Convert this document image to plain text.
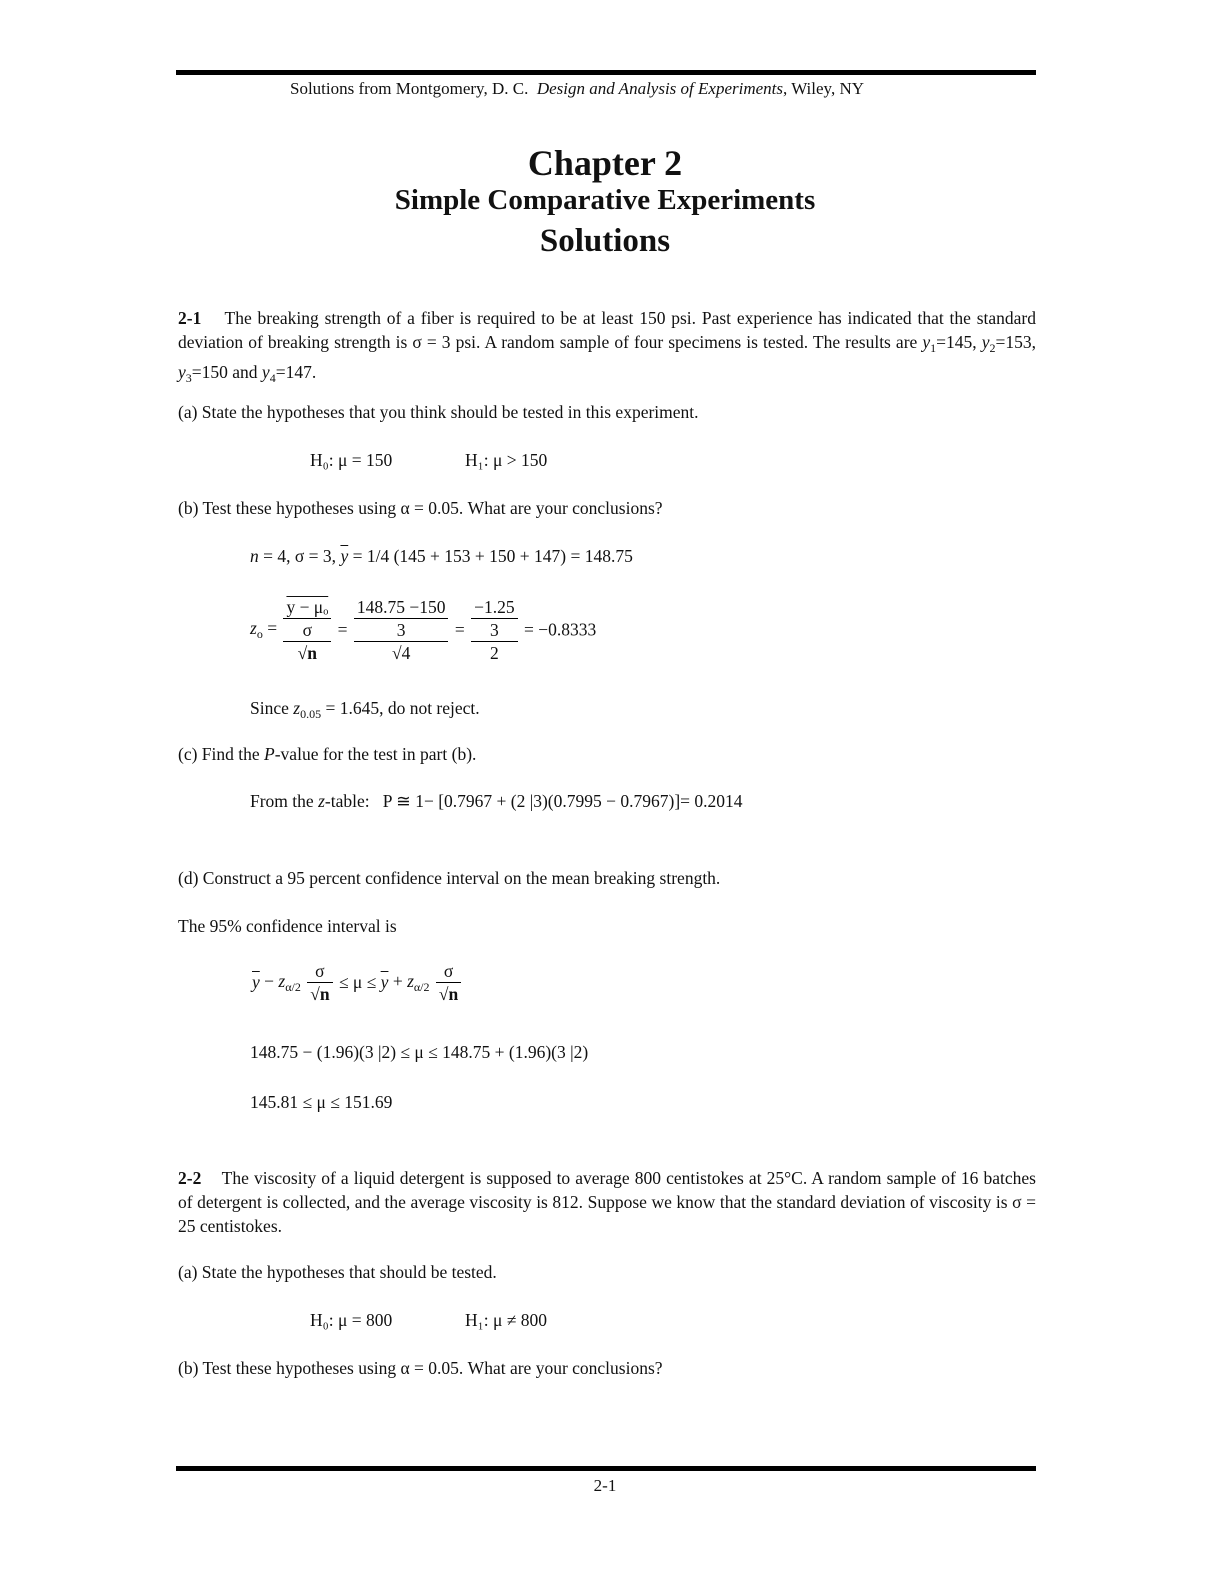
Solutions from Montgomery, D. C. Design and Analysis of Experiments, Wiley, NY
Chapter 2
Simple Comparative Experiments
Solutions
2-1 The breaking strength of a fiber is required to be at least 150 psi. Past experience has indicated that the standard deviation of breaking strength is σ = 3 psi. A random sample of four specimens is tested. The results are $y_1=145$, $y_2=153$, $y_3=150$ and $y_4=147$.
(a) State the hypotheses that you think should be tested in this experiment.
H₀: μ = 150	H₁: μ > 150
(b) Test these hypotheses using α = 0.05. What are your conclusions?
n = 4, σ = 3, $\overline{y} = 1/4$ (145 + 153 + 150 + 147) = 148.75
$z_o$ =
y − μₒ
σ
√n
=
148.75 −150
3
√4
=
−1.25
3
2
= −0.8333
Since $z_{0.05} = 1.645$, do not reject.
(c) Find the P-value for the test in part (b).
From the z-table: P ≅ 1− [0.7967 + (2 |3)(0.7995 − 0.7967)]= 0.2014
(d) Construct a 95 percent confidence interval on the mean breaking strength.
The 95% confidence interval is
$\overline{y} - z_{\alpha/2} \frac{\sigma}{√n} \le \mu \le \overline{y} + z_{\alpha/2} \frac{\sigma}{√n}$
148.75 − (1.96)(3 |2) ≤ μ ≤ 148.75 + (1.96)(3 |2)
145.81 ≤ μ ≤ 151.69
2-2 The viscosity of a liquid detergent is supposed to average 800 centistokes at 25°C. A random sample of 16 batches of detergent is collected, and the average viscosity is 812. Suppose we know that the standard deviation of viscosity is σ = 25 centistokes.
(a) State the hypotheses that should be tested.
H₀: μ = 800	H₁: μ ≠ 800
(b) Test these hypotheses using α = 0.05. What are your conclusions?
2-1
